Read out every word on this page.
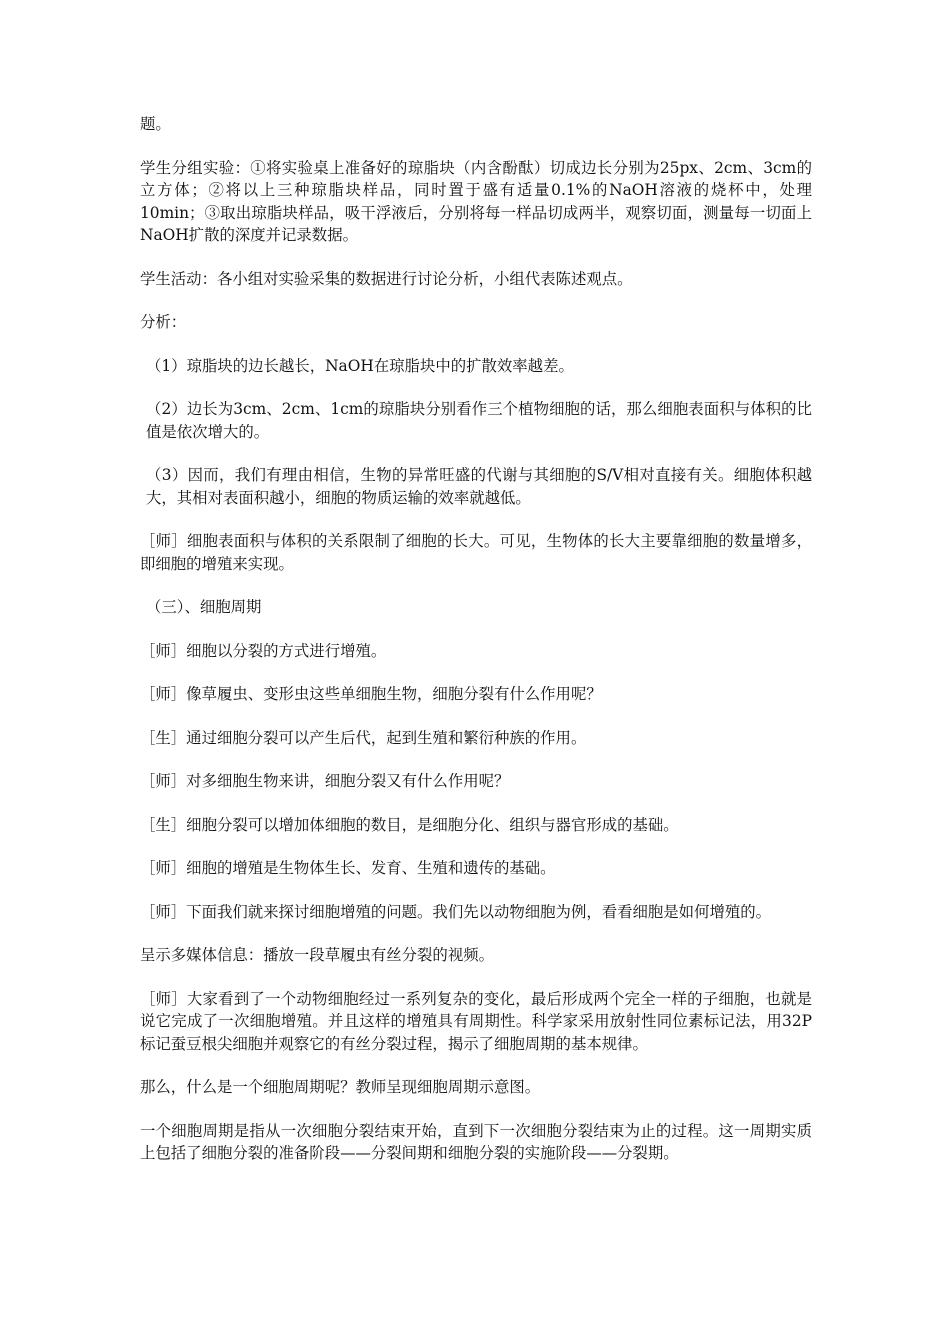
题。

学生分组实验：①将实验桌上准备好的琼脂块（内含酚酞）切成边长分别为25px、2cm、3cm的立方体；②将以上三种琼脂块样品，同时置于盛有适量0.1%的NaOH溶液的烧杯中，处理10min；③取出琼脂块样品，吸干浮液后，分别将每一样品切成两半，观察切面，测量每一切面上NaOH扩散的深度并记录数据。

学生活动：各小组对实验采集的数据进行讨论分析，小组代表陈述观点。

分析：

（1）琼脂块的边长越长，NaOH在琼脂块中的扩散效率越差。

（2）边长为3cm、2cm、1cm的琼脂块分别看作三个植物细胞的话，那么细胞表面积与体积的比值是依次增大的。

（3）因而，我们有理由相信，生物的异常旺盛的代谢与其细胞的S/V相对直接有关。细胞体积越大，其相对表面积越小，细胞的物质运输的效率就越低。

［师］细胞表面积与体积的关系限制了细胞的长大。可见，生物体的长大主要靠细胞的数量增多，即细胞的增殖来实现。

（三）、细胞周期

［师］细胞以分裂的方式进行增殖。

［师］像草履虫、变形虫这些单细胞生物，细胞分裂有什么作用呢？

［生］通过细胞分裂可以产生后代，起到生殖和繁衍种族的作用。

［师］对多细胞生物来讲，细胞分裂又有什么作用呢？

［生］细胞分裂可以增加体细胞的数目，是细胞分化、组织与器官形成的基础。

［师］细胞的增殖是生物体生长、发育、生殖和遗传的基础。

［师］下面我们就来探讨细胞增殖的问题。我们先以动物细胞为例，看看细胞是如何增殖的。

呈示多媒体信息：播放一段草履虫有丝分裂的视频。

［师］大家看到了一个动物细胞经过一系列复杂的变化，最后形成两个完全一样的子细胞，也就是说它完成了一次细胞增殖。并且这样的增殖具有周期性。科学家采用放射性同位素标记法，用32P标记蚕豆根尖细胞并观察它的有丝分裂过程，揭示了细胞周期的基本规律。

那么，什么是一个细胞周期呢？教师呈现细胞周期示意图。

一个细胞周期是指从一次细胞分裂结束开始，直到下一次细胞分裂结束为止的过程。这一周期实质上包括了细胞分裂的准备阶段——分裂间期和细胞分裂的实施阶段——分裂期。
